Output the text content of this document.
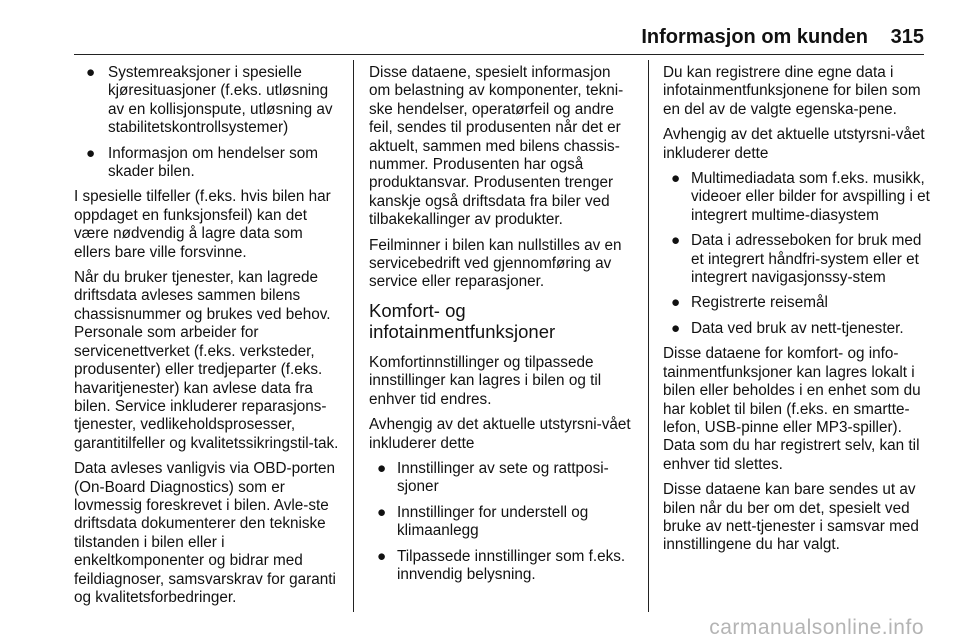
Informasjon om kunden 315
● Systemreaksjoner i spesielle kjøresituasjoner (f.eks. utløsning av en kollisjonspute, utløsning av stabilitetskontrollsystemer)
● Informasjon om hendelser som skader bilen.

I spesielle tilfeller (f.eks. hvis bilen har oppdaget en funksjonsfeil) kan det være nødvendig å lagre data som ellers bare ville forsvinne.

Når du bruker tjenester, kan lagrede driftsdata avleses sammen bilens chassisnummer og brukes ved behov. Personale som arbeider for servicenettverket (f.eks. verksteder, produsenter) eller tredjeparter (f.eks. havaritjenester) kan avlese data fra bilen. Service inkluderer reparasjons-tjenester, vedlikeholdsprosesser, garantitilfeller og kvalitetssikringstil-tak.

Data avleses vanligvis via OBD-porten (On-Board Diagnostics) som er lovmessig foreskrevet i bilen. Avle-ste driftsdata dokumenterer den tekniske tilstanden i bilen eller i enkeltkomponenter og bidrar med feildiagnoser, samsvarskrav for garanti og kvalitetsforbedringer.

Disse dataene, spesielt informasjon om belastning av komponenter, tekni-ske hendelser, operatørfeil og andre feil, sendes til produsenten når det er aktuelt, sammen med bilens chassis-nummer. Produsenten har også produktansvar. Produsenten trenger kanskje også driftsdata fra biler ved tilbakekallinger av produkter.

Feilminner i bilen kan nullstilles av en servicebedrift ved gjennomføring av service eller reparasjoner.

Komfort- og infotainmentfunksjoner

Komfortinnstillinger og tilpassede innstillinger kan lagres i bilen og til enhver tid endres.

Avhengig av det aktuelle utstyrsni-vået inkluderer dette

● Innstillinger av sete og rattposi-sjoner
● Innstillinger for understell og klimaanlegg
● Tilpassede innstillinger som f.eks. innvendig belysning.

Du kan registrere dine egne data i infotainmentfunksjonene for bilen som en del av de valgte egenska-pene.

Avhengig av det aktuelle utstyrsni-vået inkluderer dette

● Multimediadata som f.eks. musikk, videoer eller bilder for avspilling i et integrert multime-diasystem
● Data i adresseboken for bruk med et integrert håndfri-system eller et integrert navigasjonssy-stem
● Registrerte reisemål
● Data ved bruk av nett-tjenester.

Disse dataene for komfort- og info-tainmentfunksjoner kan lagres lokalt i bilen eller beholdes i en enhet som du har koblet til bilen (f.eks. en smartte-lefon, USB-pinne eller MP3-spiller). Data som du har registrert selv, kan til enhver tid slettes.

Disse dataene kan bare sendes ut av bilen når du ber om det, spesielt ved bruke av nett-tjenester i samsvar med innstillingene du har valgt.

carmanualsonline.info
